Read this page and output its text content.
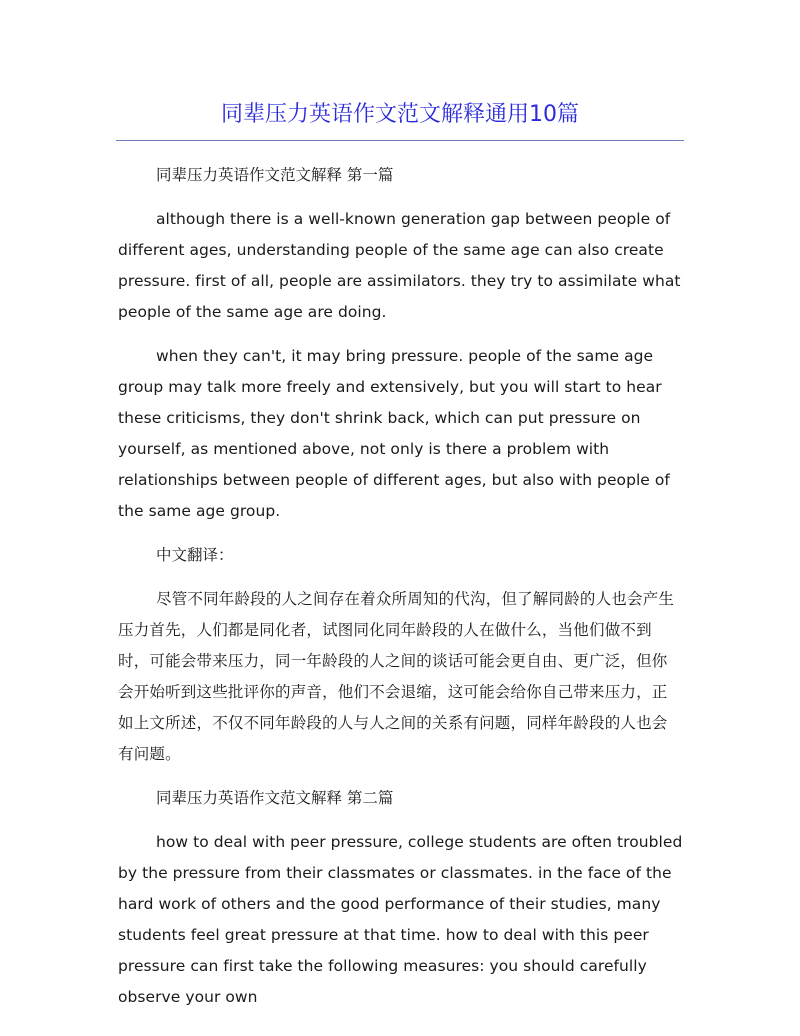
同辈压力英语作文范文解释通用10篇

同辈压力英语作文范文解释 第一篇

although there is a well-known generation gap between people of different ages, understanding people of the same age can also create pressure. first of all, people are assimilators. they try to assimilate what people of the same age are doing.

when they can't, it may bring pressure. people of the same age group may talk more freely and extensively, but you will start to hear these criticisms, they don't shrink back, which can put pressure on yourself, as mentioned above, not only is there a problem with relationships between people of different ages, but also with people of the same age group.

中文翻译：

尽管不同年龄段的人之间存在着众所周知的代沟，但了解同龄的人也会产生压力首先，人们都是同化者，试图同化同年龄段的人在做什么，当他们做不到时，可能会带来压力，同一年龄段的人之间的谈话可能会更自由、更广泛，但你会开始听到这些批评你的声音，他们不会退缩，这可能会给你自己带来压力，正如上文所述，不仅不同年龄段的人与人之间的关系有问题，同样年龄段的人也会有问题。

同辈压力英语作文范文解释 第二篇

how to deal with peer pressure, college students are often troubled by the pressure from their classmates or classmates. in the face of the hard work of others and the good performance of their studies, many students feel great pressure at that time. how to deal with this peer pressure can first take the following measures: you should carefully observe your own
